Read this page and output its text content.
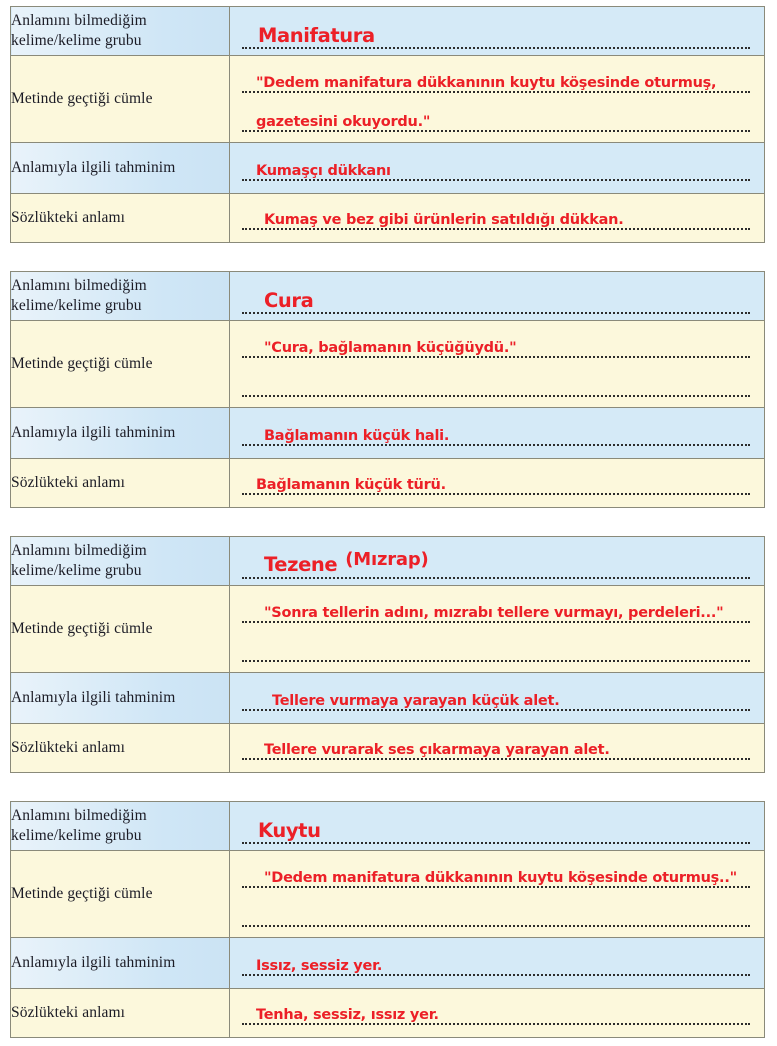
Anlamını bilmediğim kelime/kelime grubu	Manifatura

Metinde geçtiği cümle	"Dedem manifatura dükkanının kuytu köşesinde oturmuş,
gazetesini okuyordu."

Anlamıyla ilgili tahminim	Kumaşçı dükkanı

Sözlükteki anlamı	Kumaş ve bez gibi ürünlerin satıldığı dükkan.
Anlamını bilmediğim kelime/kelime grubu	Cura

Metinde geçtiği cümle	"Cura, bağlamanın küçüğüydü."

Anlamıyla ilgili tahminim	Bağlamanın küçük hali.

Sözlükteki anlamı	Bağlamanın küçük türü.
Anlamını bilmediğim kelime/kelime grubu	Tezene (Mızrap)

Metinde geçtiği cümle	"Sonra tellerin adını, mızrabı tellere vurmayı, perdeleri..."

Anlamıyla ilgili tahminim	Tellere vurmaya yarayan küçük alet.

Sözlükteki anlamı	Tellere vurarak ses çıkarmaya yarayan alet.
Anlamını bilmediğim kelime/kelime grubu	Kuytu

Metinde geçtiği cümle	"Dedem manifatura dükkanının kuytu köşesinde oturmuş.."

Anlamıyla ilgili tahminim	Issız, sessiz yer.

Sözlükteki anlamı	Tenha, sessiz, ıssız yer.
